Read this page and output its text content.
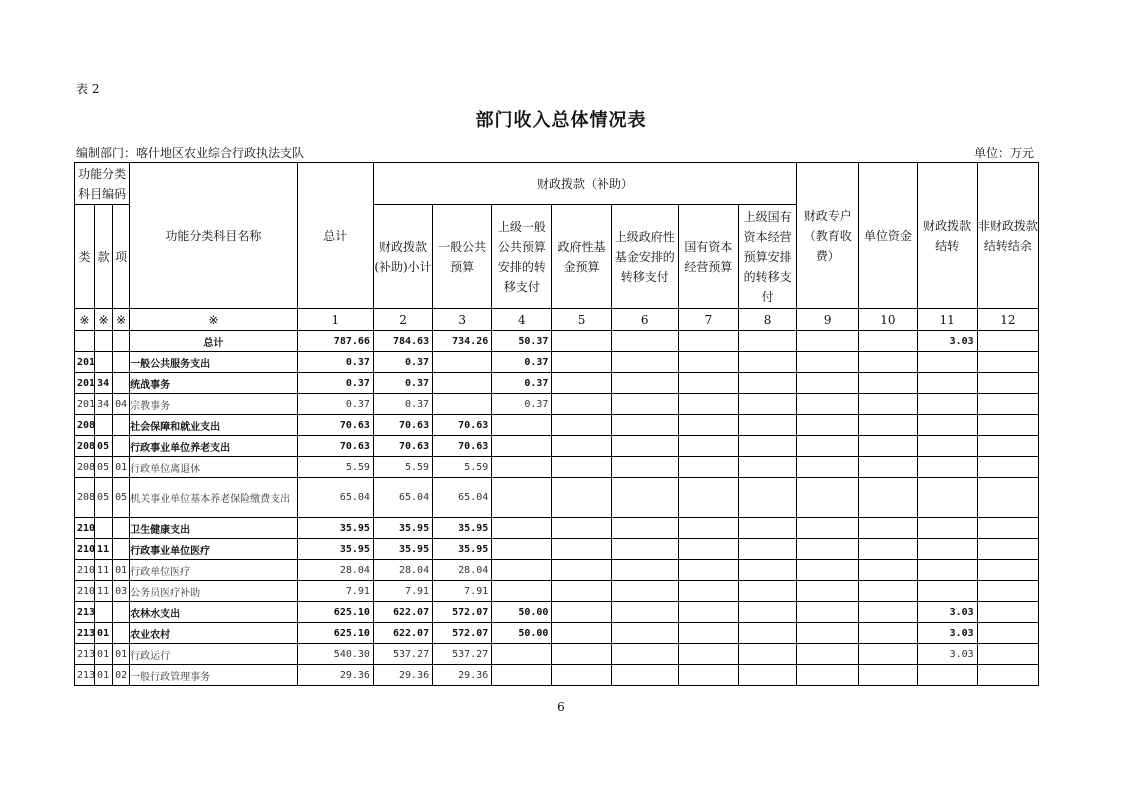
表 2
部门收入总体情况表
编制部门：喀什地区农业综合行政执法支队	单位：万元
功能分类科目编码			功能分类科目名称	总计	财政拨款（补助）							财政专户（教育收费）	单位资金	财政拨款结转	非财政拨款结转结余
类	款	项			财政拨款(补助)小计	一般公共预算	上级一般公共预算安排的转移支付	政府性基金预算	上级政府性基金安排的转移支付	国有资本经营预算	上级国有资本经营预算安排的转移支付				
※	※	※	※	1	2	3	4	5	6	7	8	9	10	11	12
			总计	787.66	784.63	734.26	50.37							3.03	
201			一般公共服务支出	0.37	0.37		0.37								
201	34		统战事务	0.37	0.37		0.37								
201	34	04	宗教事务	0.37	0.37		0.37								
208			社会保障和就业支出	70.63	70.63	70.63									
208	05		行政事业单位养老支出	70.63	70.63	70.63									
208	05	01	行政单位离退休	5.59	5.59	5.59									
208	05	05	机关事业单位基本养老保险缴费支出	65.04	65.04	65.04									
210			卫生健康支出	35.95	35.95	35.95									
210	11		行政事业单位医疗	35.95	35.95	35.95									
210	11	01	行政单位医疗	28.04	28.04	28.04									
210	11	03	公务员医疗补助	7.91	7.91	7.91									
213			农林水支出	625.10	622.07	572.07	50.00							3.03	
213	01		农业农村	625.10	622.07	572.07	50.00							3.03	
213	01	01	行政运行	540.30	537.27	537.27								3.03	
213	01	02	一般行政管理事务	29.36	29.36	29.36									
6
